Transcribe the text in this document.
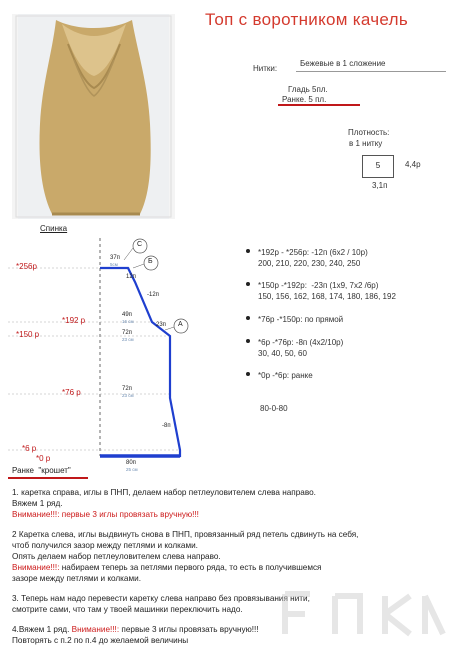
Топ с воротником качель
Нитки:
Бежевые в 1 сложение
Гладь 5пл.
Ранке. 5 пл.
Плотность:
в 1 нитку
5	4,4р
3,1п
Спинка
С
Б
А
*256р
*192 р
*150 р
*76 р
*6 р
*0 р
37п
5см
12п
-12п
49п
16 см
23п
72п
23 см
72п
23 см
-8п
80п
25 см
Ранке  "крошет"
*192р - *256р: -12п (6х2 / 10р)
200, 210, 220, 230, 240, 250
*150р -*192р:  -23п (1х9, 7х2 /6р)
150, 156, 162, 168, 174, 180, 186, 192
*76р -*150р: по прямой
*6р -*76р: -8п (4х2/10р)
30, 40, 50, 60
*0р -*6р: ранке
80-0-80
1. каретка справа, иглы в ПНП, делаем набор петлеуловителем слева направо.
Вяжем 1 ряд.
Внимание!!!: первые 3 иглы провязать вручную!!!
2 Каретка слева, иглы выдвинуть снова в ПНП, провязанный ряд петель сдвинуть на себя,
чтоб получился зазор между петлями и колками.
Опять делаем набор петлеуловителем слева направо.
Внимание!!!: набираем теперь за петлями первого ряда, то есть в получившемся
зазоре между петлями и колками.
3. Теперь нам надо перевести каретку слева направо без провязывания нити,
смотрите сами, что там у твоей машинки переключить надо.
4.Вяжем 1 ряд. Внимание!!!: первые 3 иглы провязать вручную!!!
Повторять с п.2 по п.4 до желаемой величины
